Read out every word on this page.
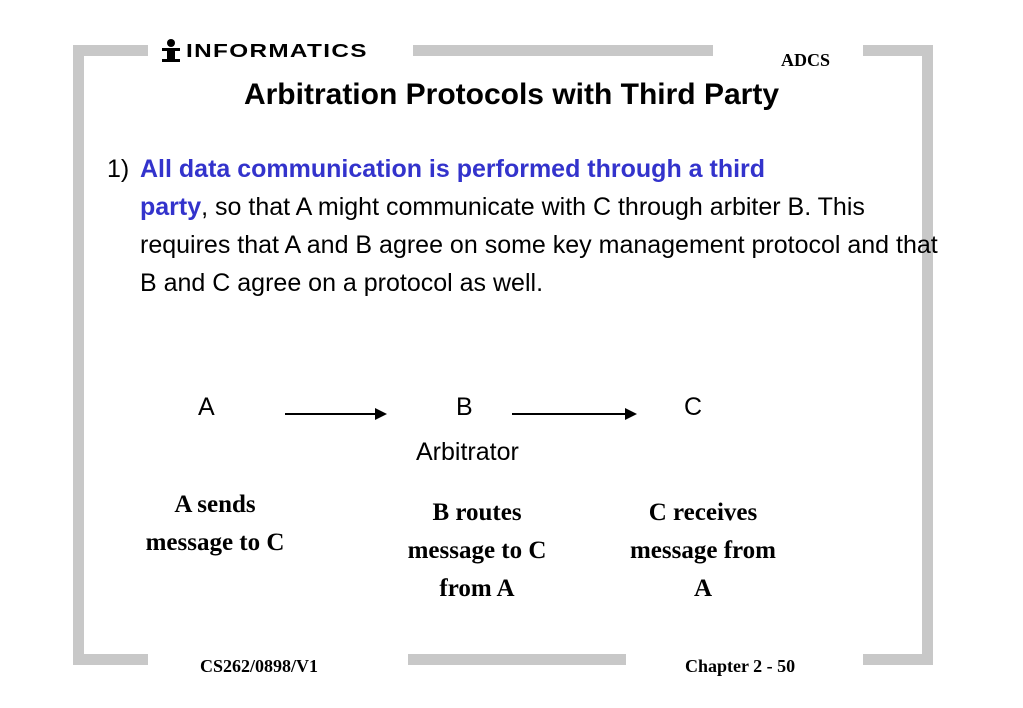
INFORMATICS	ADCS
Arbitration Protocols with Third Party
1) All data communication is performed through a third
party, so that A might communicate with C through arbiter B. This requires that A and B agree on some key management protocol and that B and C agree on a protocol as well.
A	B	C
Arbitrator
A sends
message to C
B routes
message to C
from A
C receives
message from
A
CS262/0898/V1	Chapter 2 - 50
